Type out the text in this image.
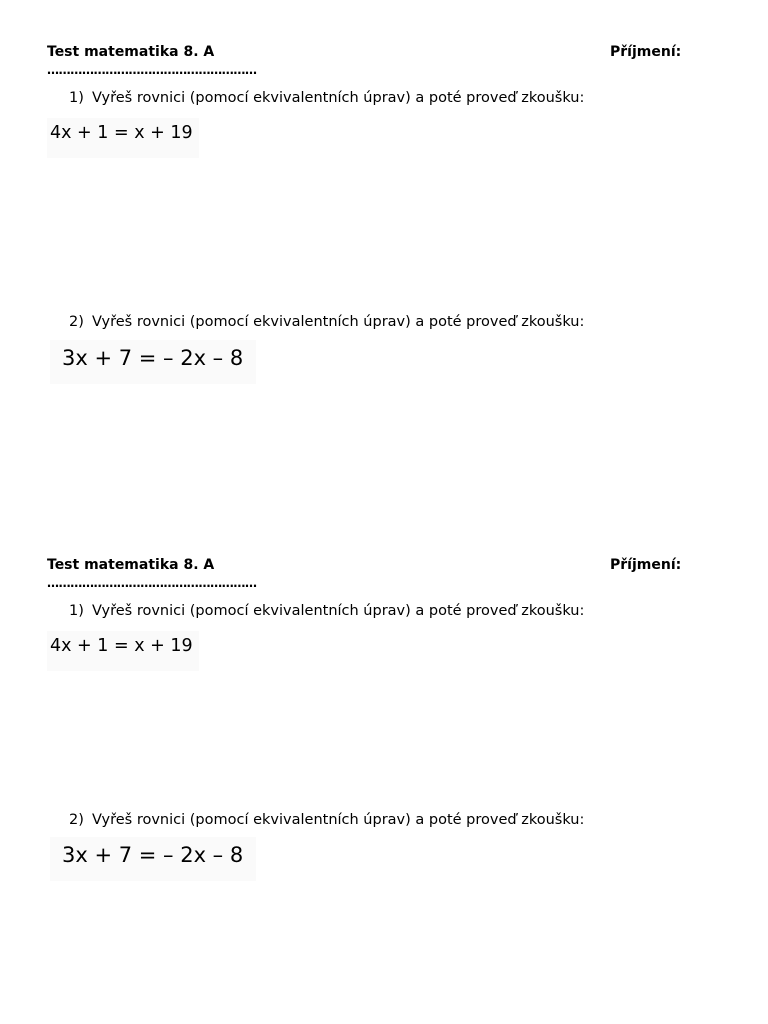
Test matematika 8. A	Příjmení:
………………………………………………
1) Vyřeš rovnici (pomocí ekvivalentních úprav) a poté proveď zkoušku:
4x + 1 = x + 19
2) Vyřeš rovnici (pomocí ekvivalentních úprav) a poté proveď zkoušku:
3x + 7 = – 2x – 8
Test matematika 8. A	Příjmení:
………………………………………………
1) Vyřeš rovnici (pomocí ekvivalentních úprav) a poté proveď zkoušku:
4x + 1 = x + 19
2) Vyřeš rovnici (pomocí ekvivalentních úprav) a poté proveď zkoušku:
3x + 7 = – 2x – 8
